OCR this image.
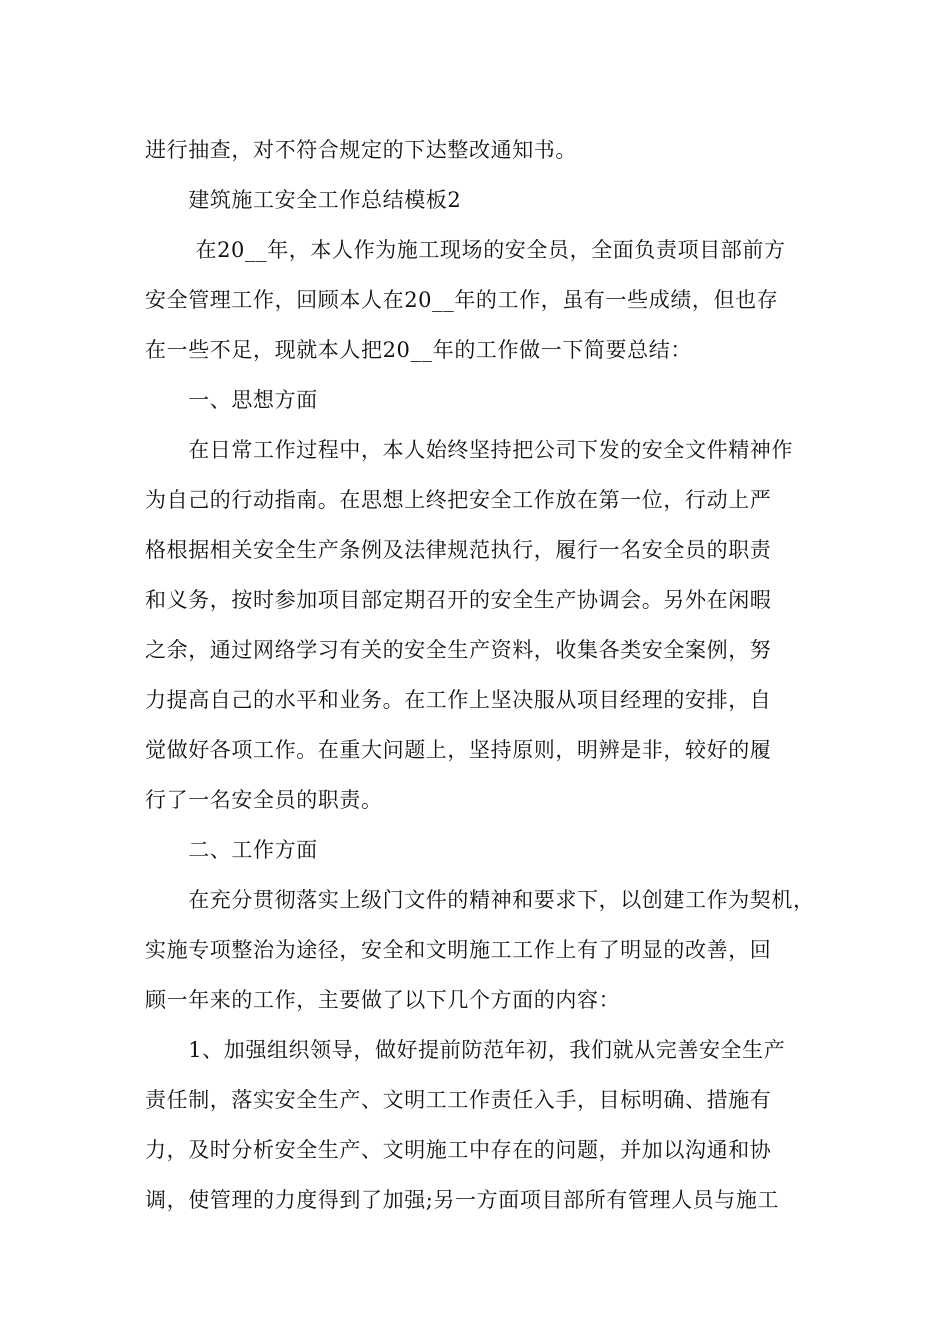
进行抽查，对不符合规定的下达整改通知书。
　　建筑施工安全工作总结模板2
　　 在20__年，本人作为施工现场的安全员，全面负责项目部前方
安全管理工作，回顾本人在20__年的工作，虽有一些成绩，但也存
在一些不足，现就本人把20__年的工作做一下简要总结：
　　一、思想方面
　　在日常工作过程中，本人始终坚持把公司下发的安全文件精神作
为自己的行动指南。在思想上终把安全工作放在第一位，行动上严
格根据相关安全生产条例及法律规范执行，履行一名安全员的职责
和义务，按时参加项目部定期召开的安全生产协调会。另外在闲暇
之余，通过网络学习有关的安全生产资料，收集各类安全案例，努
力提高自己的水平和业务。在工作上坚决服从项目经理的安排，自
觉做好各项工作。在重大问题上，坚持原则，明辨是非，较好的履
行了一名安全员的职责。
　　二、工作方面
　　在充分贯彻落实上级门文件的精神和要求下，以创建工作为契机，
实施专项整治为途径，安全和文明施工工作上有了明显的改善，回
顾一年来的工作，主要做了以下几个方面的内容：
　　1、加强组织领导，做好提前防范年初，我们就从完善安全生产
责任制，落实安全生产、文明工工作责任入手，目标明确、措施有
力，及时分析安全生产、文明施工中存在的问题，并加以沟通和协
调，使管理的力度得到了加强;另一方面项目部所有管理人员与施工
